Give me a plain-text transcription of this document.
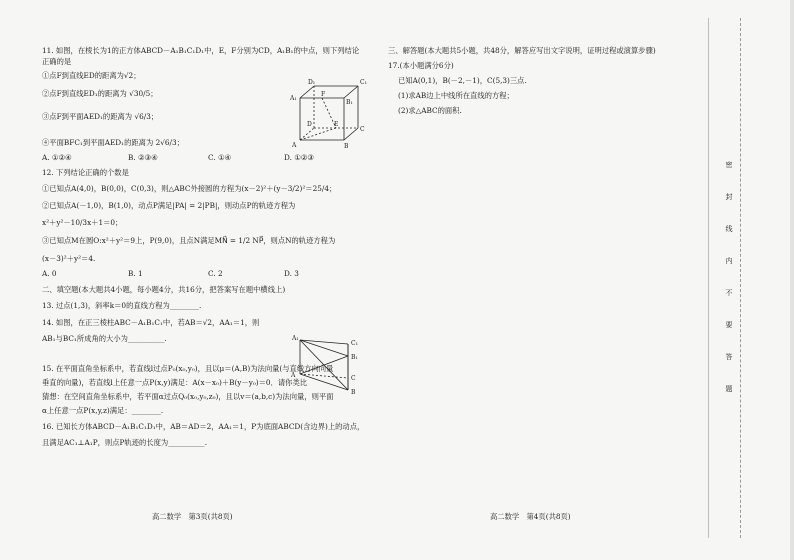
11. 如图，在棱长为1的正方体ABCD－A₁B₁C₁D₁中，E，F分别为CD，A₁B₁的中点，则下列结论
正确的是
①点F到直线ED的距离为√2；
②点F到直线ED₁的距离为 √30/5；
③点F到平面AED₁的距离为 √6/3；
④平面BFC₁到平面AED₁的距离为 2√6/3；
A. ①②④	B. ②③④	C. ①④	D. ①②③
12. 下列结论正确的个数是
①已知点A(4,0)，B(0,0)，C(0,3)，则△ABC外接圆的方程为(x－2)²＋(y－3/2)²＝25/4；
②已知点A(－1,0)，B(1,0)，动点P满足|PA| = 2|PB|，则动点P的轨迹方程为
x²＋y²－10/3x＋1＝0；
③已知点M在圆O:x²＋y²＝9上，P(9,0)，且点N满足MN⃗ = 1/2 NP⃗，则点N的轨迹方程为
(x－3)²＋y²＝4.
A. 0	B. 1	C. 2	D. 3
二、填空题(本大题共4小题，每小题4分，共16分，把答案写在题中横线上)
13. 过点(1,3)，斜率k＝0的直线方程为________.
14. 如图，在正三棱柱ABC－A₁B₁C₁中，若AB＝√2，AA₁＝1，则
AB₁与BC₁所成角的大小为__________.
15. 在平面直角坐标系中，若直线l过点P₀(x₀,y₀)，且以μ＝(A,B)为法向量(与直线方向向量
垂直的向量)，若直线l上任意一点P(x,y)满足：A(x－x₀)＋B(y－y₀)＝0．请你类比
猜想：在空间直角坐标系中，若平面α过点Q₀(x₀,y₀,z₀)，且以v＝(a,b,c)为法向量，则平面
α上任意一点P(x,y,z)满足：________.
16. 已知长方体ABCD－A₁B₁C₁D₁中，AB＝AD＝2，AA₁＝1，P为底面ABCD(含边界)上的动点，
且满足AC₁⊥A₁P，则点P轨迹的长度为__________.
D₁	C₁
A₁
B₁
F
D	E
C
A	B
A₁
C₁
B₁
A	C
B
高二数学　第3页(共8页)
三、解答题(本大题共5小题，共48分，解答应写出文字说明，证明过程或演算步骤)
17.(本小题满分6分)
已知A(0,1)，B(－2,－1)，C(5,3)三点.
(1)求AB边上中线所在直线的方程；
(2)求△ABC的面积.
高二数学　第4页(共8页)
密
封
线
内
不
要
答
题
